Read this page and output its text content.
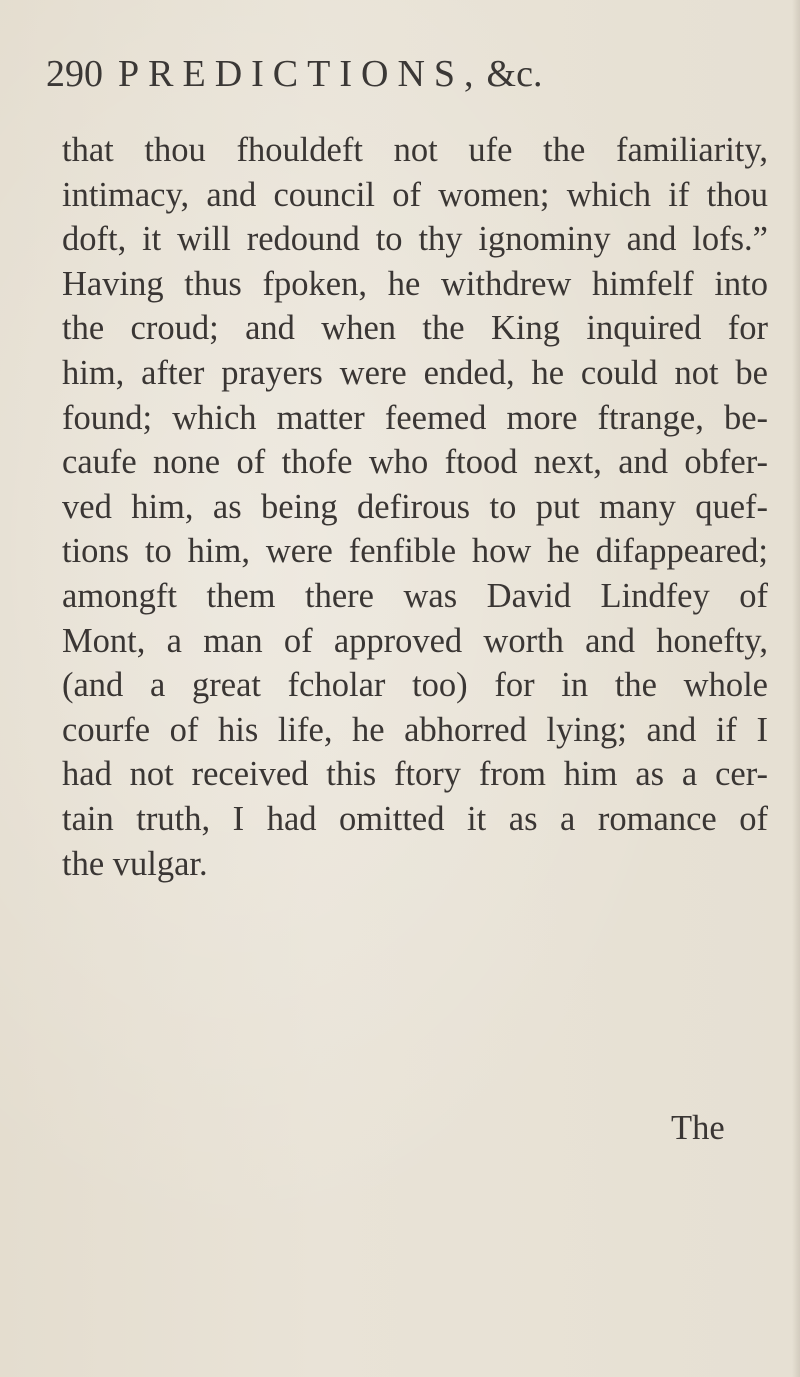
290 PREDICTIONS, &c.
that thou fhouldeft not ufe the familiarity,
intimacy, and council of women; which if thou
doft, it will redound to thy ignominy and lofs.”
Having thus fpoken, he withdrew himfelf into
the croud; and when the King inquired for
him, after prayers were ended, he could not be
found; which matter feemed more ftrange, be-
caufe none of thofe who ftood next, and obfer-
ved him, as being defirous to put many quef-
tions to him, were fenfible how he difappeared;
amongft them there was David Lindfey of
Mont, a man of approved worth and honefty,
(and a great fcholar too) for in the whole
courfe of his life, he abhorred lying; and if I
had not received this ftory from him as a cer-
tain truth, I had omitted it as a romance of
the vulgar.
The
